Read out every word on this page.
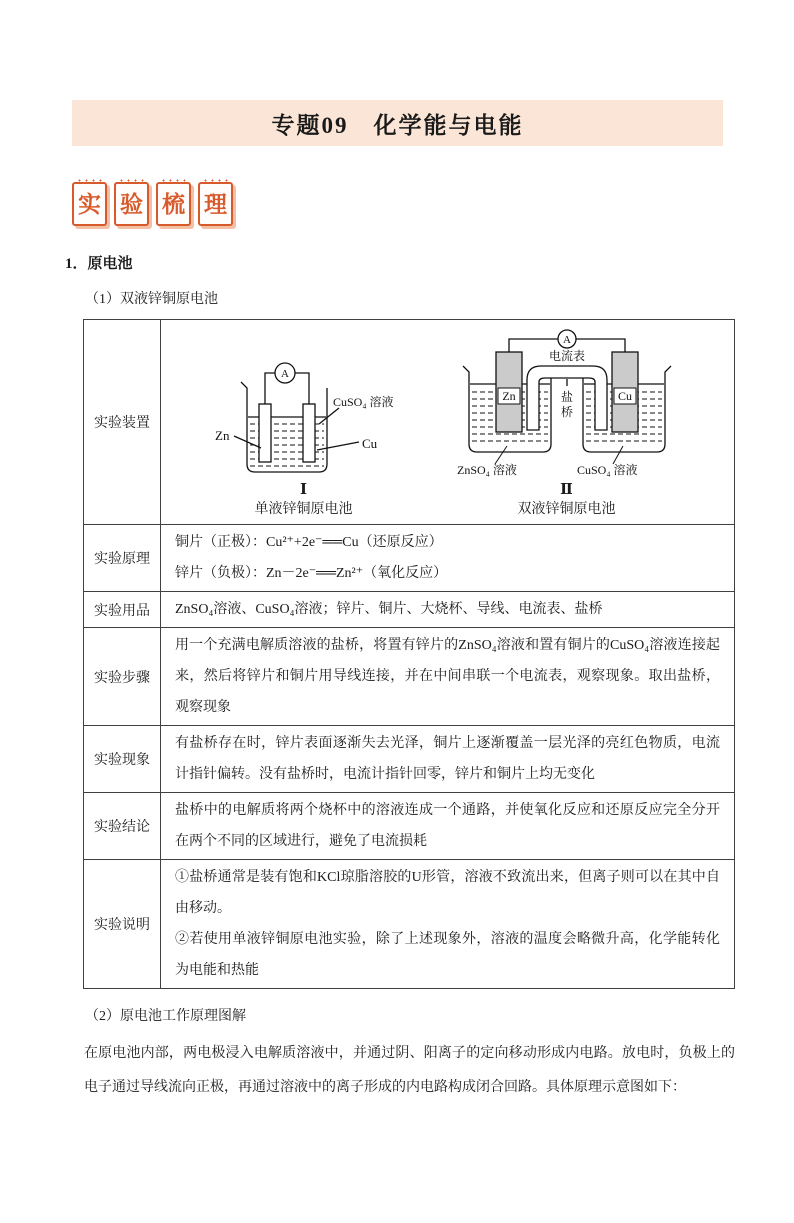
专题09　化学能与电能
实 验 梳 理
1．原电池
（1）双液锌铜原电池
实验装置	
A
Zn
CuSO₄ 溶液
Cu
Ⅰ
单液锌铜原电池
A
电流表
盐
桥
Zn	Cu
ZnSO₄ 溶液	CuSO₄ 溶液
Ⅱ
双液锌铜原电池

实验原理	铜片（正极）：Cu²⁺+2e⁻══Cu（还原反应）

锌片（负极）：Zn－2e⁻══Zn²⁺（氧化反应）

实验用品	ZnSO₄溶液、CuSO₄溶液；锌片、铜片、大烧杯、导线、电流表、盐桥

实验步骤	用一个充满电解质溶液的盐桥，将置有锌片的ZnSO₄溶液和置有铜片的CuSO₄溶液连接起来，然后将锌片和铜片用导线连接，并在中间串联一个电流表，观察现象。取出盐桥，观察现象

实验现象	有盐桥存在时，锌片表面逐渐失去光泽，铜片上逐渐覆盖一层光泽的亮红色物质，电流计指针偏转。没有盐桥时，电流计指针回零，锌片和铜片上均无变化

实验结论	盐桥中的电解质将两个烧杯中的溶液连成一个通路，并使氧化反应和还原反应完全分开在两个不同的区域进行，避免了电流损耗

实验说明	①盐桥通常是装有饱和KCl琼脂溶胶的U形管，溶液不致流出来，但离子则可以在其中自由移动。

②若使用单液锌铜原电池实验，除了上述现象外，溶液的温度会略微升高，化学能转化为电能和热能

（2）原电池工作原理图解
在原电池内部，两电极浸入电解质溶液中，并通过阴、阳离子的定向移动形成内电路。放电时，负极上的电子通过导线流向正极，再通过溶液中的离子形成的内电路构成闭合回路。具体原理示意图如下：
